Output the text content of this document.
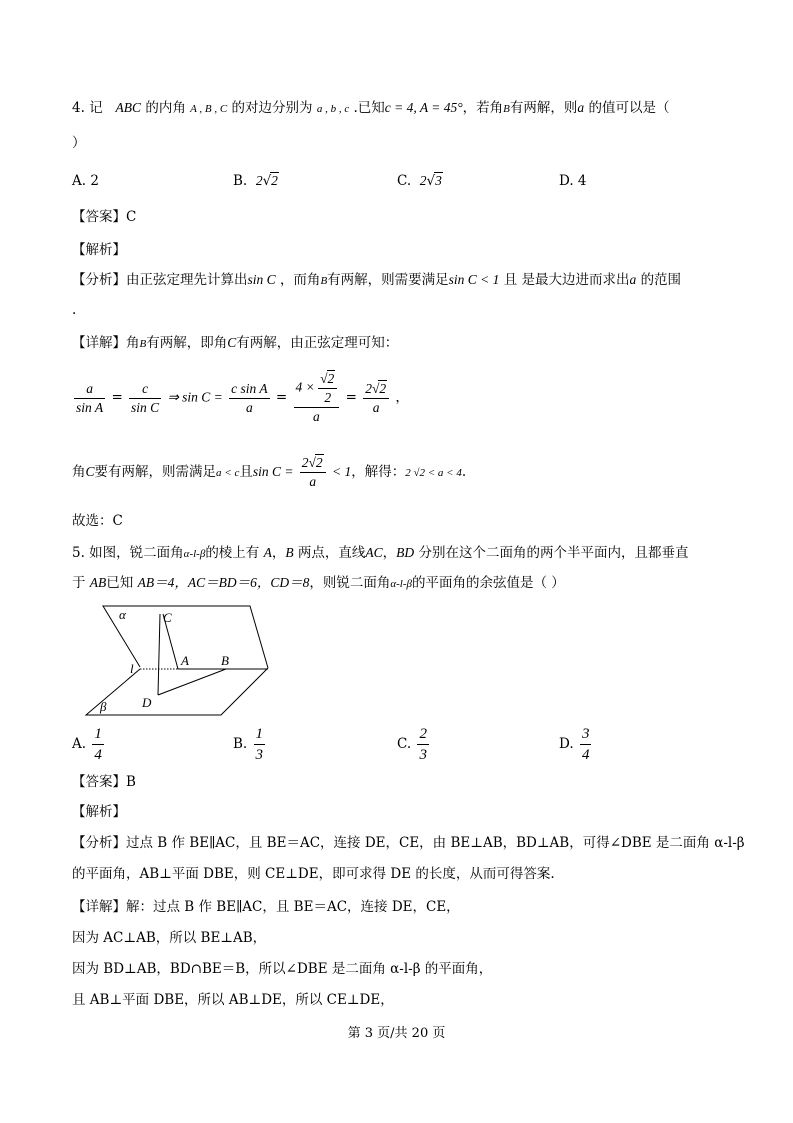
4. 记 ABC 的内角 A , B , C 的对边分别为 a , b , c .已知c = 4, A = 45°，若角B有两解，则a 的值可以是（
）
A. 2	B. 2√2	C. 2√3	D. 4
【答案】C
【解析】
【分析】由正弦定理先计算出sin C ，而角B有两解，则需要满足sin C < 1 且 是最大边进而求出a 的范围
.
【详解】角B有两解，即角C有两解，由正弦定理可知：
$\frac{a}{\text{sin A}} = \frac{c}{\text{sin C}}$ ⇒ $\sin C = \frac{\text{c sin A}}{a} = \frac{4 \times \frac{√2}{2}}{a} = \frac{2√2}{a}$ ，
角C要有两解，则需满足a < c且$\sin C = \frac{2√2}{a} < 1$，解得：2 √2 < a < 4.
故选：C
5. 如图，锐二面角α-l-β的棱上有 A，B 两点，直线AC，BD 分别在这个二面角的两个半平面内，且都垂直
于 AB已知 AB＝4，AC＝BD＝6，CD＝8，则锐二面角α-l-β的平面角的余弦值是（ ）
α	C
A B
l
D
β
A. $\frac{1}{4}$	B. $\frac{1}{3}$	C. $\frac{2}{3}$	D. $\frac{3}{4}$
【答案】B
【解析】
【分析】过点 B 作 BE∥AC，且 BE＝AC，连接 DE，CE，由 BE⊥AB，BD⊥AB，可得∠DBE 是二面角 α-l-β
的平面角，AB⊥平面 DBE，则 CE⊥DE，即可求得 DE 的长度，从而可得答案.
【详解】解：过点 B 作 BE∥AC，且 BE＝AC，连接 DE，CE，
因为 AC⊥AB，所以 BE⊥AB，
因为 BD⊥AB，BD∩BE＝B，所以∠DBE 是二面角 α-l-β 的平面角，
且 AB⊥平面 DBE，所以 AB⊥DE，所以 CE⊥DE，
第 3 页/共 20 页
